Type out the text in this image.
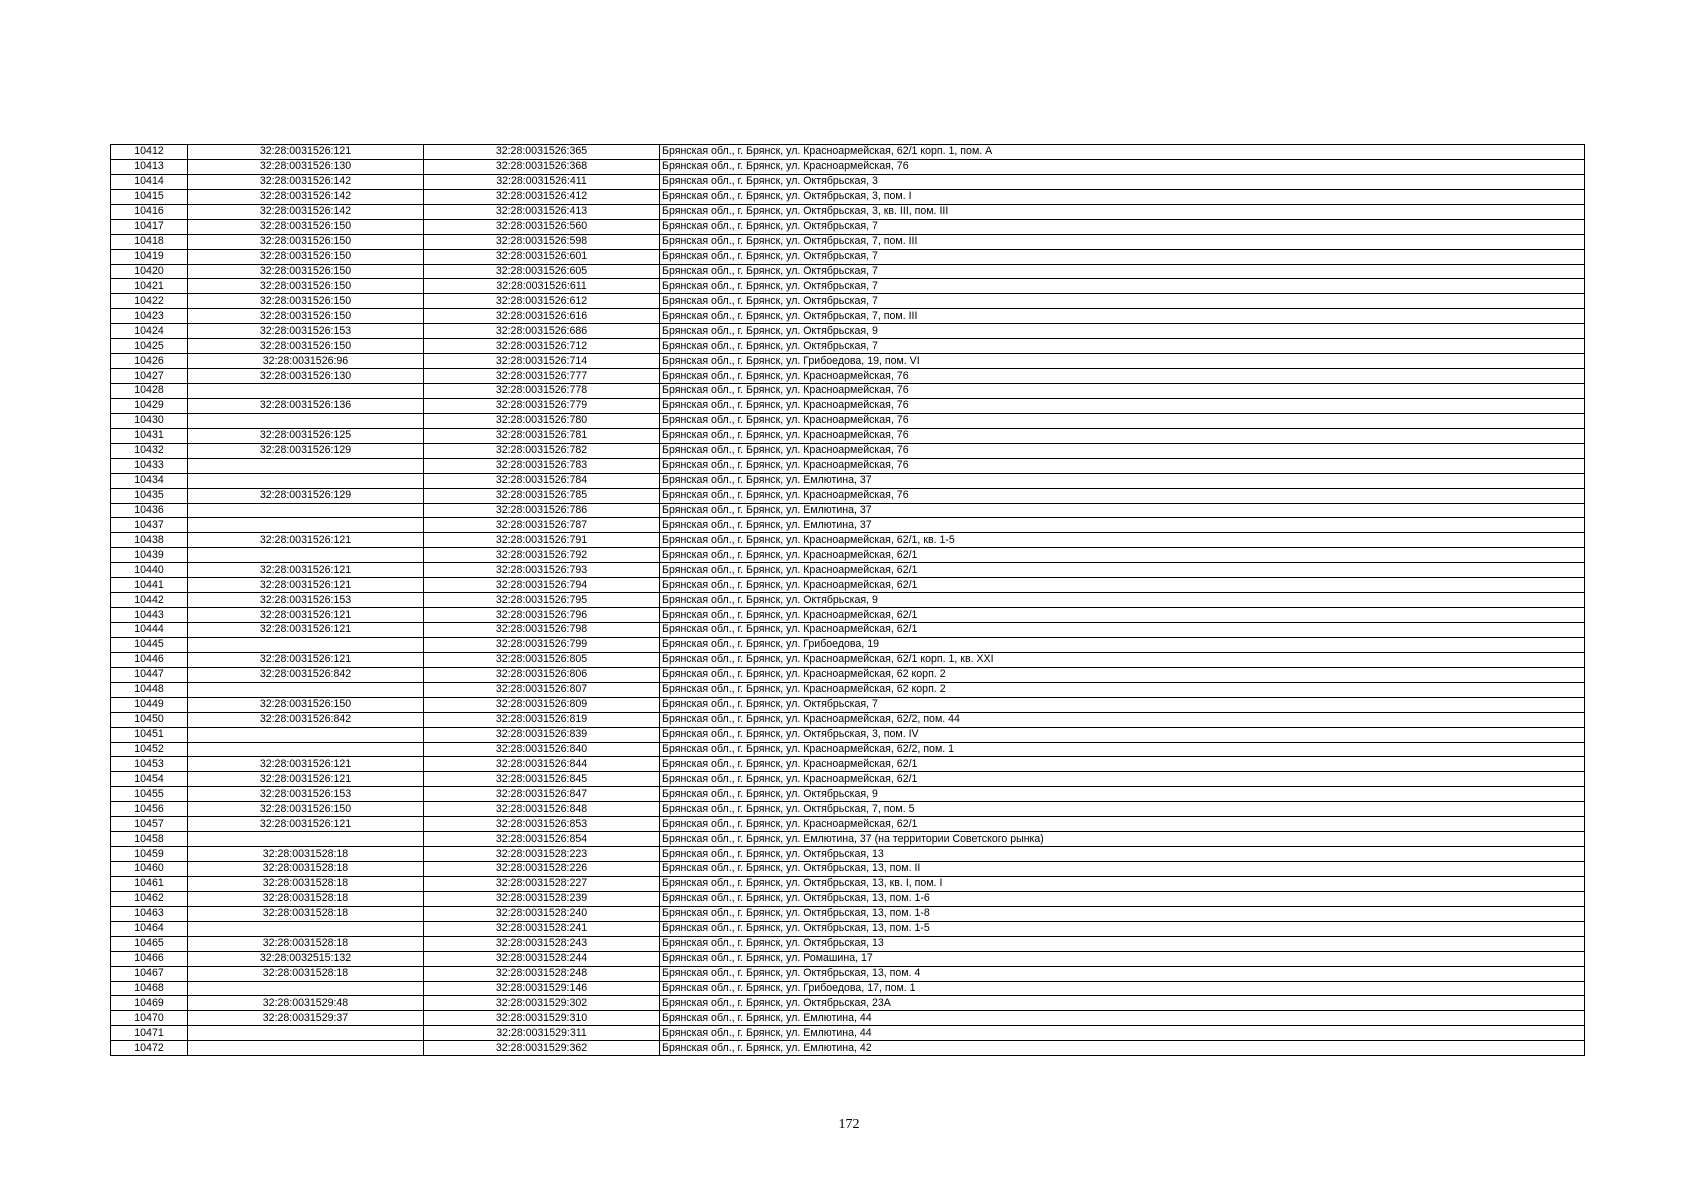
10412	32:28:0031526:121	32:28:0031526:365	Брянская обл., г. Брянск, ул. Красноармейская, 62/1 корп. 1, пом. А
10413	32:28:0031526:130	32:28:0031526:368	Брянская обл., г. Брянск, ул. Красноармейская, 76
10414	32:28:0031526:142	32:28:0031526:411	Брянская обл., г. Брянск, ул. Октябрьская, 3
10415	32:28:0031526:142	32:28:0031526:412	Брянская обл., г. Брянск, ул. Октябрьская, 3, пом. I
10416	32:28:0031526:142	32:28:0031526:413	Брянская обл., г. Брянск, ул. Октябрьская, 3, кв. III, пом. III
10417	32:28:0031526:150	32:28:0031526:560	Брянская обл., г. Брянск, ул. Октябрьская, 7
10418	32:28:0031526:150	32:28:0031526:598	Брянская обл., г. Брянск, ул. Октябрьская, 7, пом. III
10419	32:28:0031526:150	32:28:0031526:601	Брянская обл., г. Брянск, ул. Октябрьская, 7
10420	32:28:0031526:150	32:28:0031526:605	Брянская обл., г. Брянск, ул. Октябрьская, 7
10421	32:28:0031526:150	32:28:0031526:611	Брянская обл., г. Брянск, ул. Октябрьская, 7
10422	32:28:0031526:150	32:28:0031526:612	Брянская обл., г. Брянск, ул. Октябрьская, 7
10423	32:28:0031526:150	32:28:0031526:616	Брянская обл., г. Брянск, ул. Октябрьская, 7, пом. III
10424	32:28:0031526:153	32:28:0031526:686	Брянская обл., г. Брянск, ул. Октябрьская, 9
10425	32:28:0031526:150	32:28:0031526:712	Брянская обл., г. Брянск, ул. Октябрьская, 7
10426	32:28:0031526:96	32:28:0031526:714	Брянская обл., г. Брянск, ул. Грибоедова, 19, пом. VI
10427	32:28:0031526:130	32:28:0031526:777	Брянская обл., г. Брянск, ул. Красноармейская, 76
10428		32:28:0031526:778	Брянская обл., г. Брянск, ул. Красноармейская, 76
10429	32:28:0031526:136	32:28:0031526:779	Брянская обл., г. Брянск, ул. Красноармейская, 76
10430		32:28:0031526:780	Брянская обл., г. Брянск, ул. Красноармейская, 76
10431	32:28:0031526:125	32:28:0031526:781	Брянская обл., г. Брянск, ул. Красноармейская, 76
10432	32:28:0031526:129	32:28:0031526:782	Брянская обл., г. Брянск, ул. Красноармейская, 76
10433		32:28:0031526:783	Брянская обл., г. Брянск, ул. Красноармейская, 76
10434		32:28:0031526:784	Брянская обл., г. Брянск, ул. Емлютина, 37
10435	32:28:0031526:129	32:28:0031526:785	Брянская обл., г. Брянск, ул. Красноармейская, 76
10436		32:28:0031526:786	Брянская обл., г. Брянск, ул. Емлютина, 37
10437		32:28:0031526:787	Брянская обл., г. Брянск, ул. Емлютина, 37
10438	32:28:0031526:121	32:28:0031526:791	Брянская обл., г. Брянск, ул. Красноармейская, 62/1, кв. 1-5
10439		32:28:0031526:792	Брянская обл., г. Брянск, ул. Красноармейская, 62/1
10440	32:28:0031526:121	32:28:0031526:793	Брянская обл., г. Брянск, ул. Красноармейская, 62/1
10441	32:28:0031526:121	32:28:0031526:794	Брянская обл., г. Брянск, ул. Красноармейская, 62/1
10442	32:28:0031526:153	32:28:0031526:795	Брянская обл., г. Брянск, ул. Октябрьская, 9
10443	32:28:0031526:121	32:28:0031526:796	Брянская обл., г. Брянск, ул. Красноармейская, 62/1
10444	32:28:0031526:121	32:28:0031526:798	Брянская обл., г. Брянск, ул. Красноармейская, 62/1
10445		32:28:0031526:799	Брянская обл., г. Брянск, ул. Грибоедова, 19
10446	32:28:0031526:121	32:28:0031526:805	Брянская обл., г. Брянск, ул. Красноармейская, 62/1 корп. 1, кв. XXI
10447	32:28:0031526:842	32:28:0031526:806	Брянская обл., г. Брянск, ул. Красноармейская, 62 корп. 2
10448		32:28:0031526:807	Брянская обл., г. Брянск, ул. Красноармейская, 62 корп. 2
10449	32:28:0031526:150	32:28:0031526:809	Брянская обл., г. Брянск, ул. Октябрьская, 7
10450	32:28:0031526:842	32:28:0031526:819	Брянская обл., г. Брянск, ул. Красноармейская, 62/2, пом. 44
10451		32:28:0031526:839	Брянская обл., г. Брянск, ул. Октябрьская, 3, пом. IV
10452		32:28:0031526:840	Брянская обл., г. Брянск, ул. Красноармейская, 62/2, пом. 1
10453	32:28:0031526:121	32:28:0031526:844	Брянская обл., г. Брянск, ул. Красноармейская, 62/1
10454	32:28:0031526:121	32:28:0031526:845	Брянская обл., г. Брянск, ул. Красноармейская, 62/1
10455	32:28:0031526:153	32:28:0031526:847	Брянская обл., г. Брянск, ул. Октябрьская, 9
10456	32:28:0031526:150	32:28:0031526:848	Брянская обл., г. Брянск, ул. Октябрьская, 7, пом. 5
10457	32:28:0031526:121	32:28:0031526:853	Брянская обл., г. Брянск, ул. Красноармейская, 62/1
10458		32:28:0031526:854	Брянская обл., г. Брянск, ул. Емлютина, 37 (на территории Советского рынка)
10459	32:28:0031528:18	32:28:0031528:223	Брянская обл., г. Брянск, ул. Октябрьская, 13
10460	32:28:0031528:18	32:28:0031528:226	Брянская обл., г. Брянск, ул. Октябрьская, 13, пом. II
10461	32:28:0031528:18	32:28:0031528:227	Брянская обл., г. Брянск, ул. Октябрьская, 13, кв. I, пом. I
10462	32:28:0031528:18	32:28:0031528:239	Брянская обл., г. Брянск, ул. Октябрьская, 13, пом. 1-6
10463	32:28:0031528:18	32:28:0031528:240	Брянская обл., г. Брянск, ул. Октябрьская, 13, пом. 1-8
10464		32:28:0031528:241	Брянская обл., г. Брянск, ул. Октябрьская, 13, пом. 1-5
10465	32:28:0031528:18	32:28:0031528:243	Брянская обл., г. Брянск, ул. Октябрьская, 13
10466	32:28:0032515:132	32:28:0031528:244	Брянская обл., г. Брянск, ул. Ромашина, 17
10467	32:28:0031528:18	32:28:0031528:248	Брянская обл., г. Брянск, ул. Октябрьская, 13, пом. 4
10468		32:28:0031529:146	Брянская обл., г. Брянск, ул. Грибоедова, 17, пом. 1
10469	32:28:0031529:48	32:28:0031529:302	Брянская обл., г. Брянск, ул. Октябрьская, 23А
10470	32:28:0031529:37	32:28:0031529:310	Брянская обл., г. Брянск, ул. Емлютина, 44
10471		32:28:0031529:311	Брянская обл., г. Брянск, ул. Емлютина, 44
10472		32:28:0031529:362	Брянская обл., г. Брянск, ул. Емлютина, 42
172
